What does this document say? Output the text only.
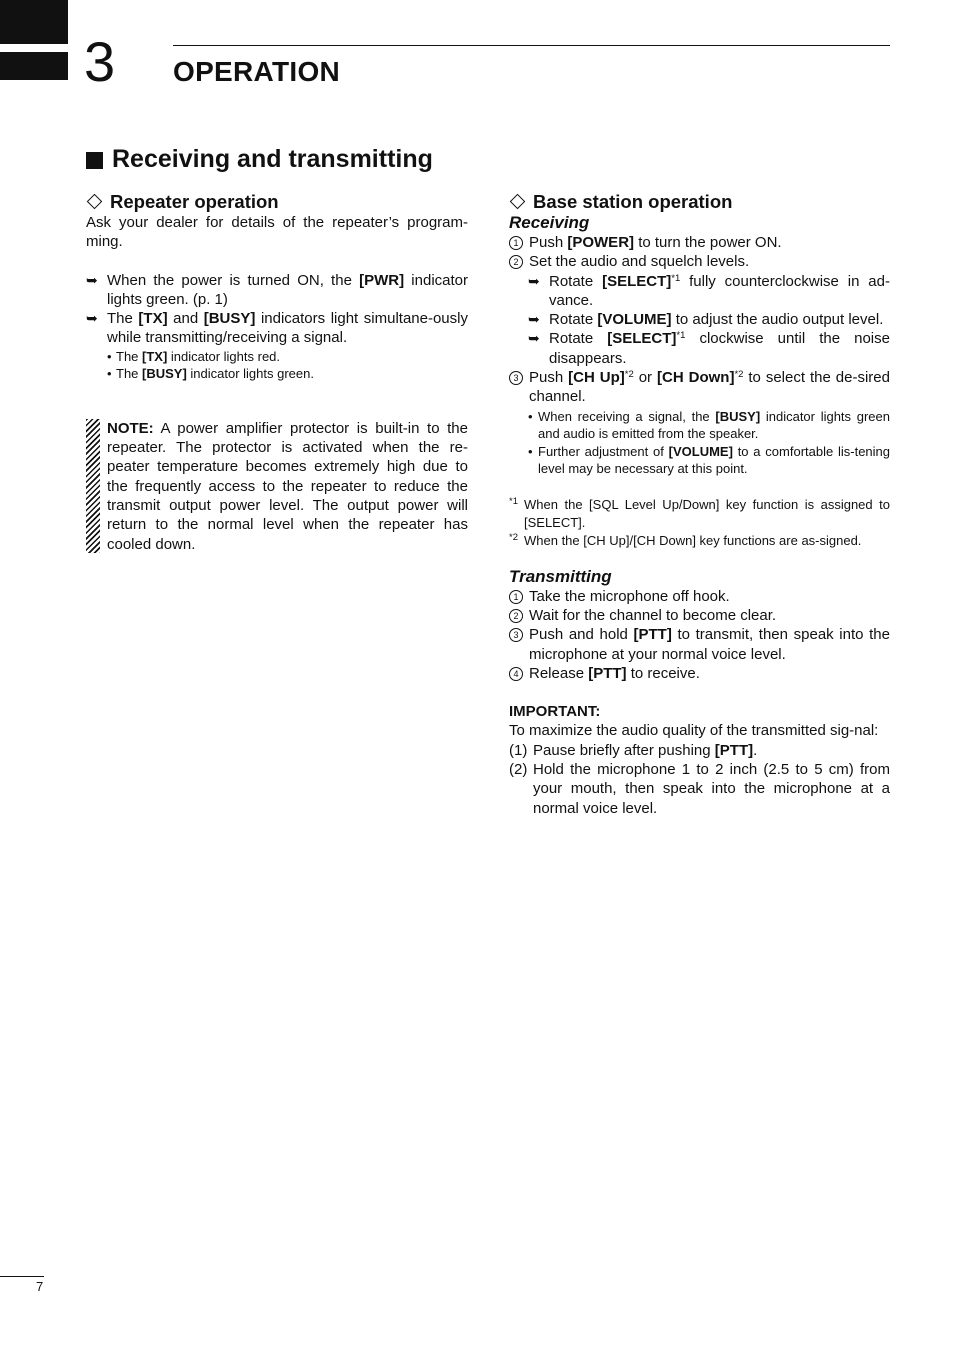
3 OPERATION
Receiving and transmitting
Repeater operation

Ask your dealer for details of the repeater’s program-ming.

➥ When the power is turned ON, the [PWR] indicator lights green. (p. 1)
➥ The [TX] and [BUSY] indicators light simultane-ously while transmitting/receiving a signal.
• The [TX] indicator lights red.
• The [BUSY] indicator lights green.

NOTE: A power amplifier protector is built-in to the repeater. The protector is activated when the re-peater temperature becomes extremely high due to the frequently access to the repeater to reduce the transmit output power level. The output power will return to the normal level when the repeater has cooled down.

Base station operation
Receiving
1 Push [POWER] to turn the power ON.
2 Set the audio and squelch levels.
➥ Rotate [SELECT]$^{*1}$ fully counterclockwise in ad-vance.
➥ Rotate [VOLUME] to adjust the audio output level.
➥ Rotate [SELECT]$^{*1}$ clockwise until the noise disappears.
3 Push [CH Up]$^{*2}$ or [CH Down]$^{*2}$ to select the de-sired channel.
• When receiving a signal, the [BUSY] indicator lights green and audio is emitted from the speaker.
• Further adjustment of [VOLUME] to a comfortable lis-tening level may be necessary at this point.
$^{*1}$ When the [SQL Level Up/Down] key function is assigned to [SELECT].
$^{*2}$ When the [CH Up]/[CH Down] key functions are as-signed.
Transmitting
1 Take the microphone off hook.
2 Wait for the channel to become clear.
3 Push and hold [PTT] to transmit, then speak into the microphone at your normal voice level.
4 Release [PTT] to receive.

IMPORTANT:

To maximize the audio quality of the transmitted sig-nal:

(1) Pause briefly after pushing [PTT].
(2) Hold the microphone 1 to 2 inch (2.5 to 5 cm) from your mouth, then speak into the microphone at a normal voice level.
7
